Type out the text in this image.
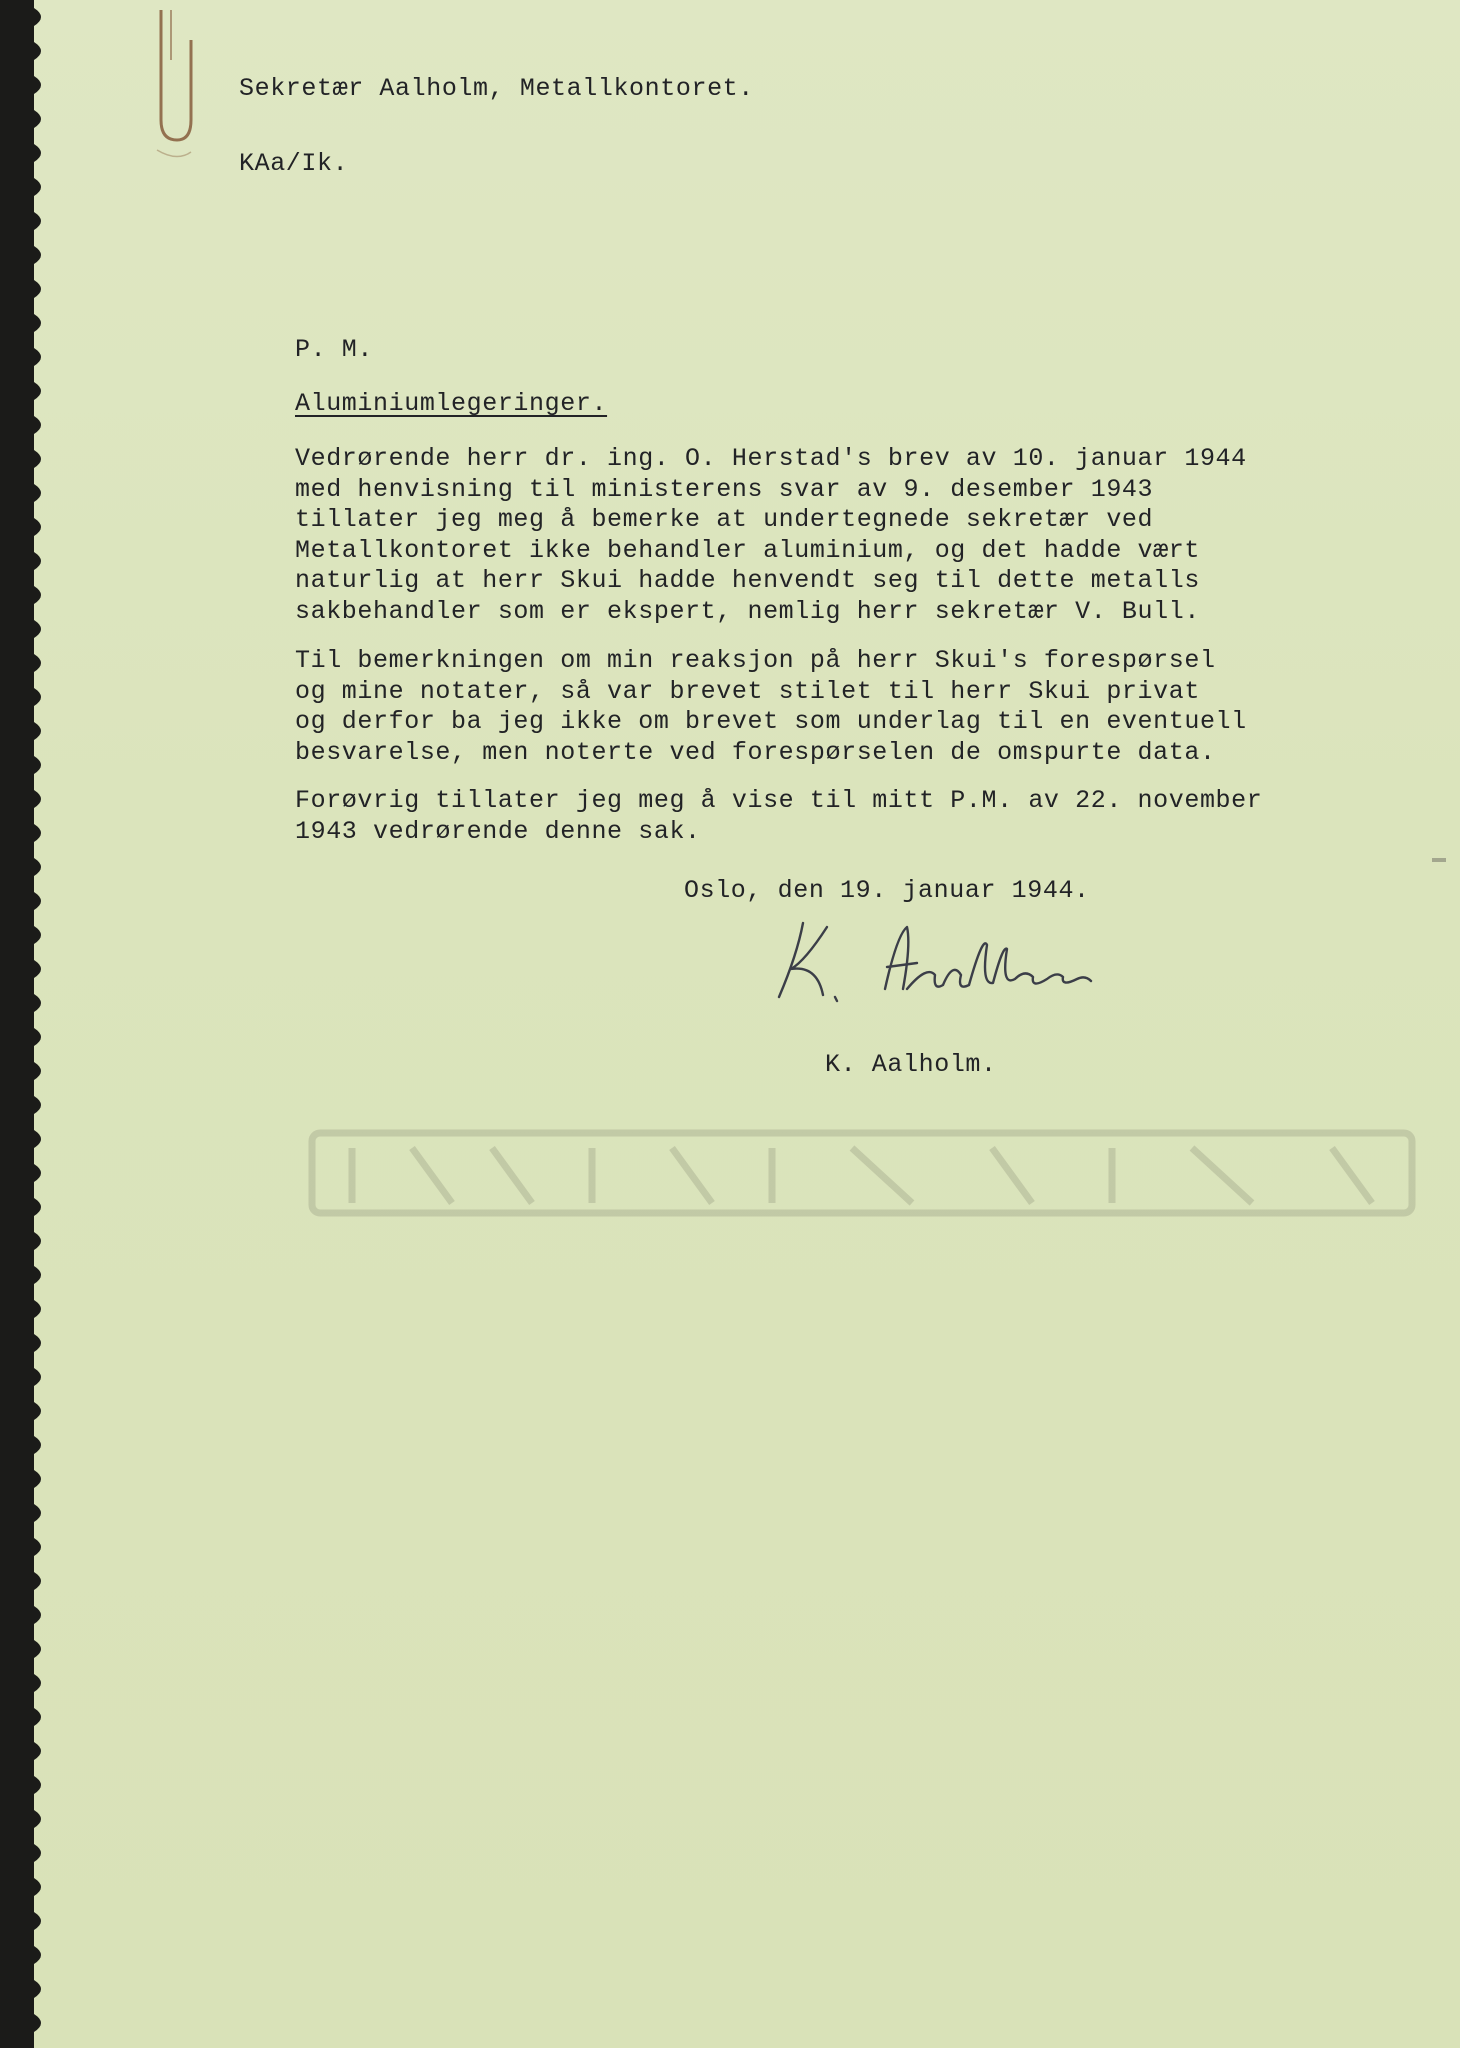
Sekretær Aalholm, Metallkontoret.
KAa/Ik.
P. M.
Aluminiumlegeringer.
Vedrørende herr dr. ing. O. Herstad's brev av 10. januar 1944
med henvisning til ministerens svar av 9. desember 1943
tillater jeg meg å bemerke at undertegnede sekretær ved
Metallkontoret ikke behandler aluminium, og det hadde vært
naturlig at herr Skui hadde henvendt seg til dette metalls
sakbehandler som er ekspert, nemlig herr sekretær V. Bull.
Til bemerkningen om min reaksjon på herr Skui's forespørsel
og mine notater, så var brevet stilet til herr Skui privat
og derfor ba jeg ikke om brevet som underlag til en eventuell
besvarelse, men noterte ved forespørselen de omspurte data.
Forøvrig tillater jeg meg å vise til mitt P.M. av 22. november
1943 vedrørende denne sak.
Oslo, den 19. januar 1944.
K. Aalholm.
